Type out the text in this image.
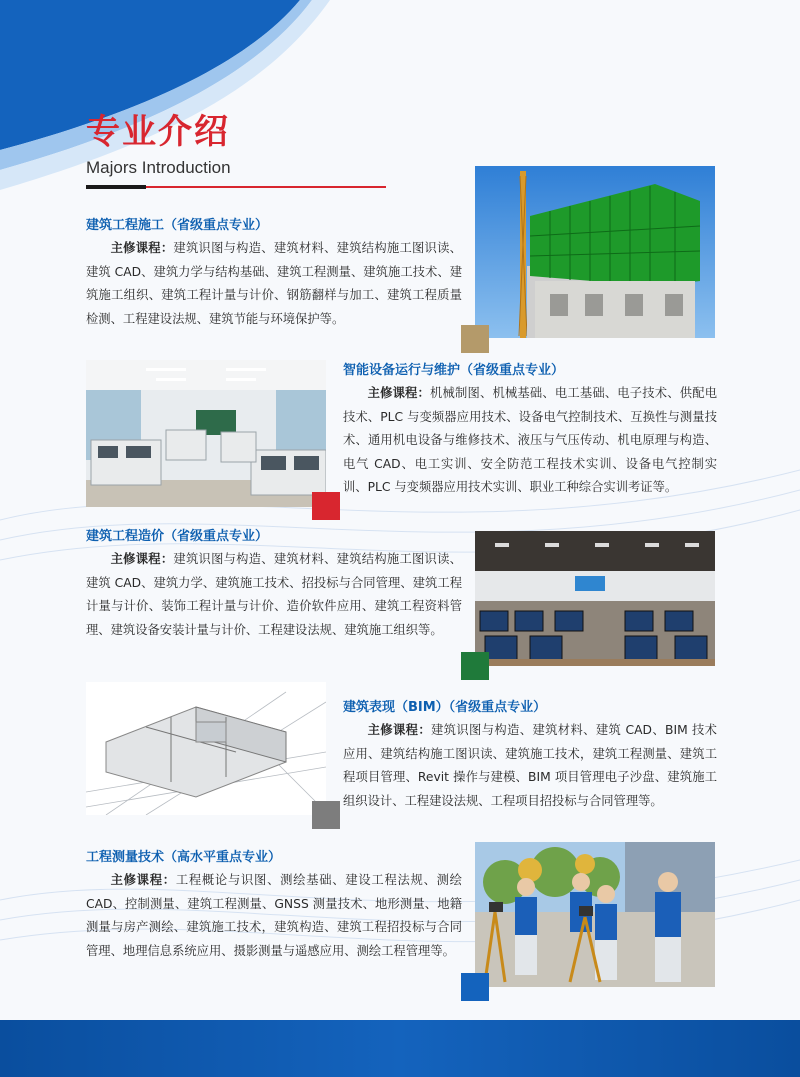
专业介绍
Majors Introduction
建筑工程施工（省级重点专业）

主修课程：建筑识图与构造、建筑材料、建筑结构施工图识读、建筑 CAD、建筑力学与结构基础、建筑工程测量、建筑施工技术、建筑施工组织、建筑工程计量与计价、钢筋翻样与加工、建筑工程质量检测、工程建设法规、建筑节能与环境保护等。

智能设备运行与维护（省级重点专业）

主修课程：机械制图、机械基础、电工基础、电子技术、供配电技术、PLC 与变频器应用技术、设备电气控制技术、互换性与测量技术、通用机电设备与维修技术、液压与气压传动、机电原理与构造、电气 CAD、电工实训、安全防范工程技术实训、设备电气控制实训、PLC 与变频器应用技术实训、职业工种综合实训考证等。

建筑工程造价（省级重点专业）

主修课程：建筑识图与构造、建筑材料、建筑结构施工图识读、建筑 CAD、建筑力学、建筑施工技术、招投标与合同管理、建筑工程计量与计价、装饰工程计量与计价、造价软件应用、建筑工程资料管理、建筑设备安装计量与计价、工程建设法规、建筑施工组织等。

建筑表现（BIM）（省级重点专业）

主修课程：建筑识图与构造、建筑材料、建筑 CAD、BIM 技术应用、建筑结构施工图识读、建筑施工技术，建筑工程测量、建筑工程项目管理、Revit 操作与建模、BIM 项目管理电子沙盘、建筑施工组织设计、工程建设法规、工程项目招投标与合同管理等。

工程测量技术（高水平重点专业）

主修课程：工程概论与识图、测绘基础、建设工程法规、测绘 CAD、控制测量、建筑工程测量、GNSS 测量技术、地形测量、地籍测量与房产测绘、建筑施工技术，建筑构造、建筑工程招投标与合同管理、地理信息系统应用、摄影测量与遥感应用、测绘工程管理等。
